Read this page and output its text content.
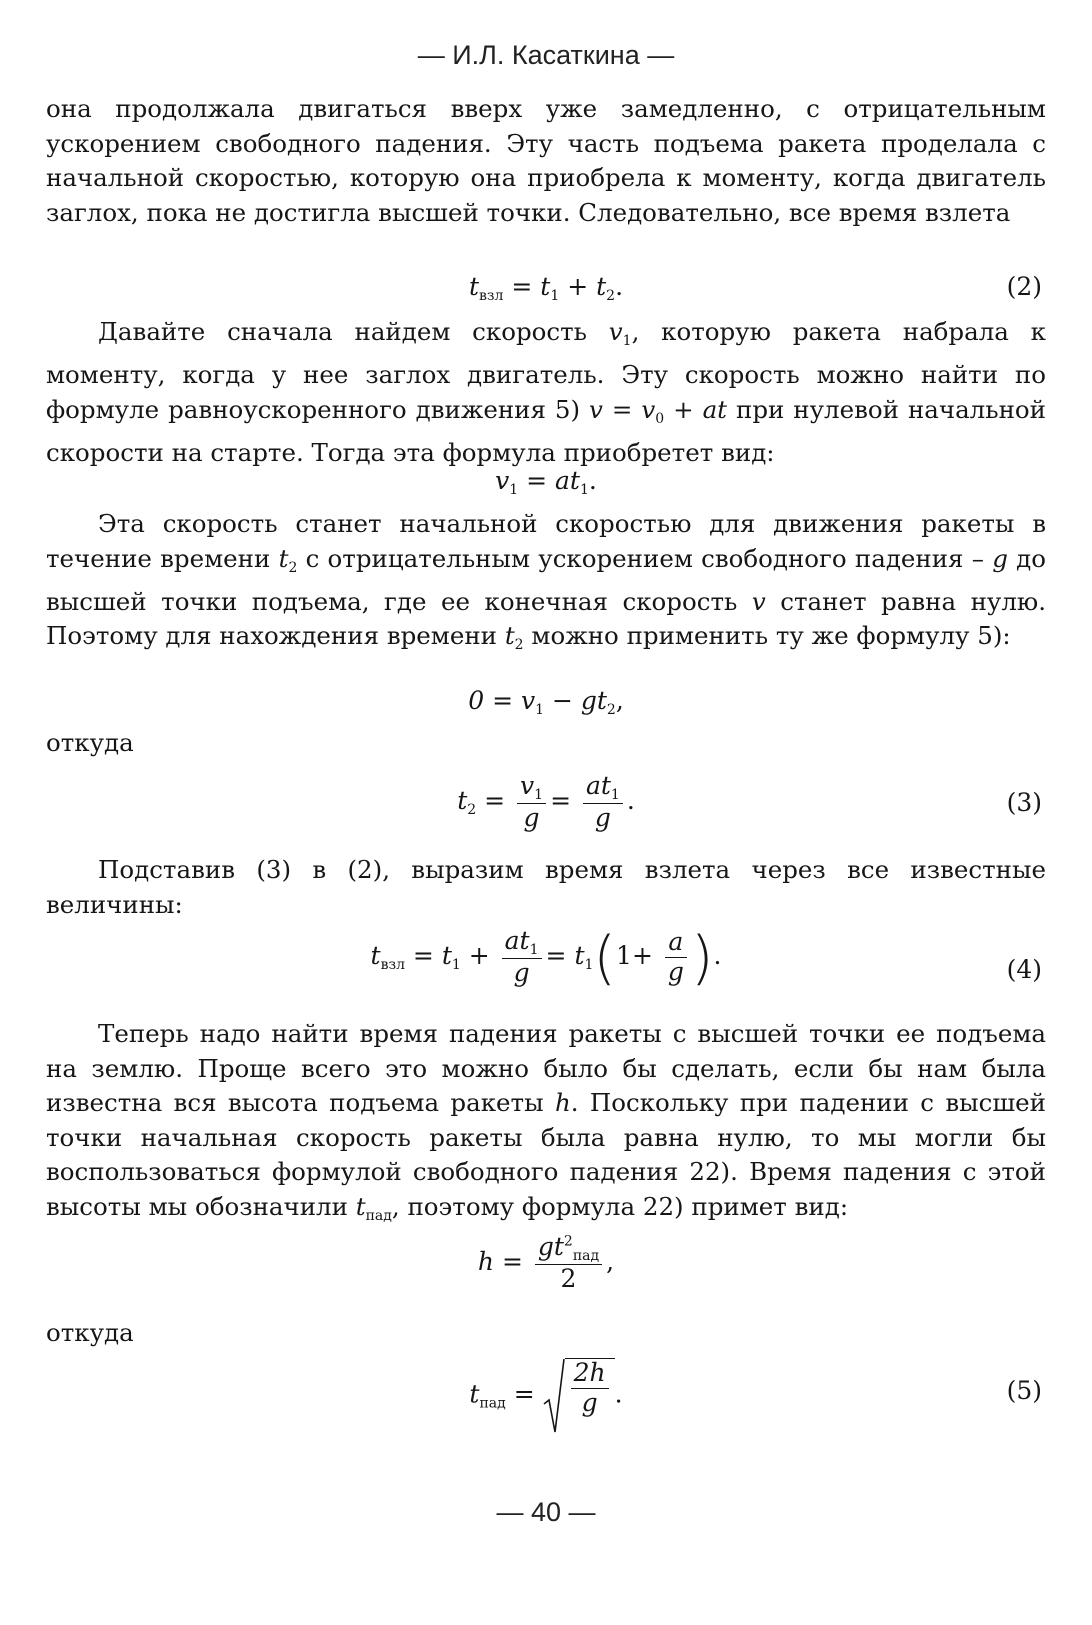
— И.Л. Касаткина —

она продолжала двигаться вверх уже замедленно, с отрицательным ускорением свободного падения. Эту часть подъема ракета проделала с начальной скоростью, которую она приобрела к моменту, когда двигатель заглох, пока не достигла высшей точки. Следовательно, все время взлета

$t_{взл} = t_1 + t_2$.	(2)

Давайте сначала найдем скорость $v_1$, которую ракета набрала к моменту, когда у нее заглох двигатель. Эту скорость можно найти по формуле равноускоренного движения 5) $v = v_0$ + at при нулевой начальной скорости на старте. Тогда эта формула приобретет вид:

$v_1 = at_1$.

Эта скорость станет начальной скоростью для движения ракеты в течение времени $t_2$ с отрицательным ускорением свободного падения – g до высшей точки подъема, где ее конечная скорость v станет равна нулю. Поэтому для нахождения времени $t_2$ можно применить ту же формулу 5):

$0 = v_1 - gt_2$,
откуда
$t_2 = \frac{v_1}{g} = \frac{at_1}{g}$ .	(3)

Подставив (3) в (2), выразим время взлета через все известные величины:

$t_{взл} = t_1 + \frac{at_1}{g} = t_1(1+ \frac{a}{g}$ ).	(4)

Теперь надо найти время падения ракеты с высшей точки ее подъема на землю. Проще всего это можно было бы сделать, если бы нам была известна вся высота подъема ракеты h. Поскольку при падении с высшей точки начальная скорость ракеты была равна нулю, то мы могли бы воспользоваться формулой свободного падения 22). Время падения с этой высоты мы обозначили $t_{пад}$, поэтому формула 22) примет вид:

$h = \frac{gt^2_{пад}}{2}$ ,
откуда
$t_{пад} = \frac{2h}{g}$ .	(5)
— 40 —
